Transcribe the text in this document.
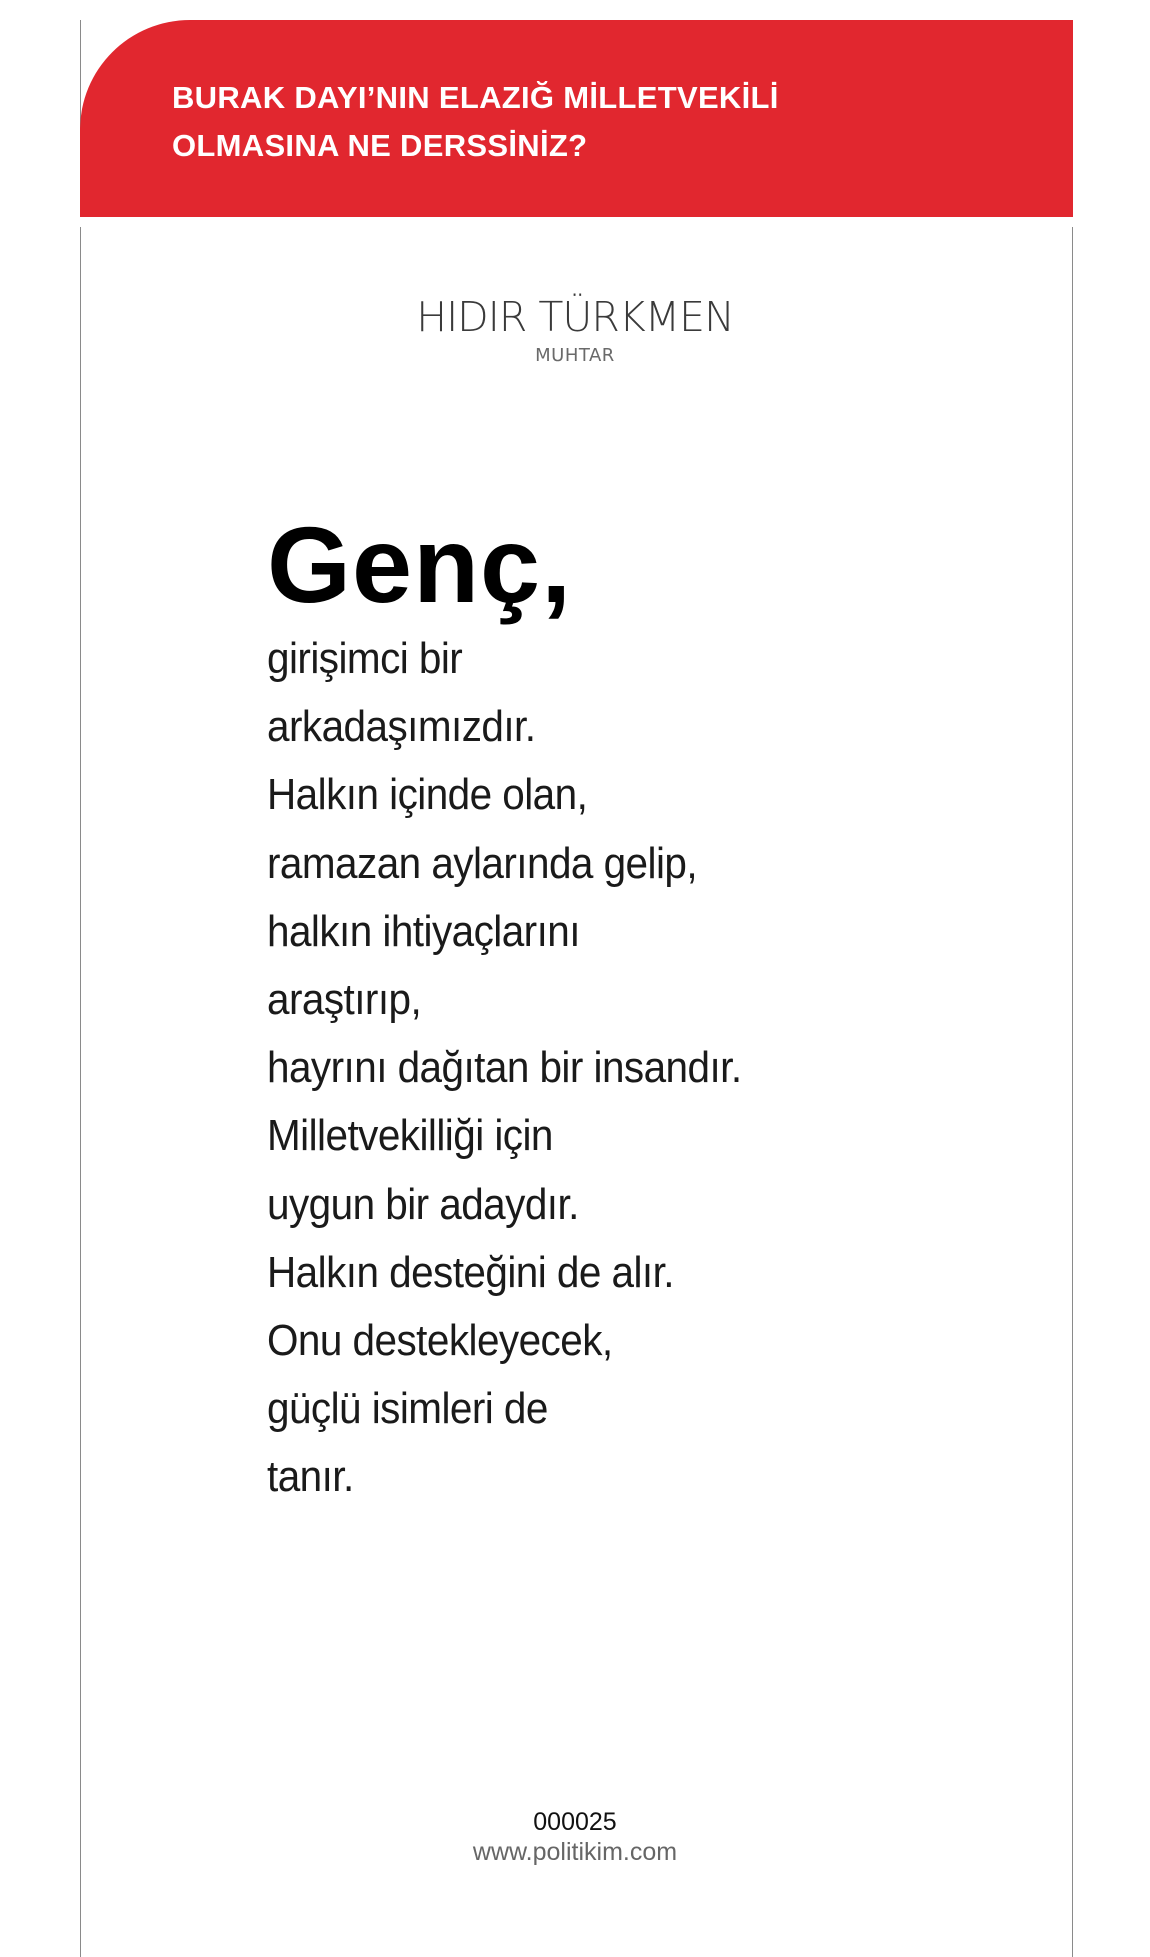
BURAK DAYI’NIN ELAZIĞ MİLLETVEKİLİ OLMASINA NE DERSSİNİZ?
HIDIR TÜRKMEN
MUHTAR

Genç,

girişimci bir
arkadaşımızdır.
Halkın içinde olan,
ramazan aylarında gelip,
halkın ihtiyaçlarını
araştırıp,
hayrını dağıtan bir insandır.
Milletvekilliği için
uygun bir adaydır.
Halkın desteğini de alır.
Onu destekleyecek,
güçlü isimleri de
tanır.
000025
www.politikim.com
